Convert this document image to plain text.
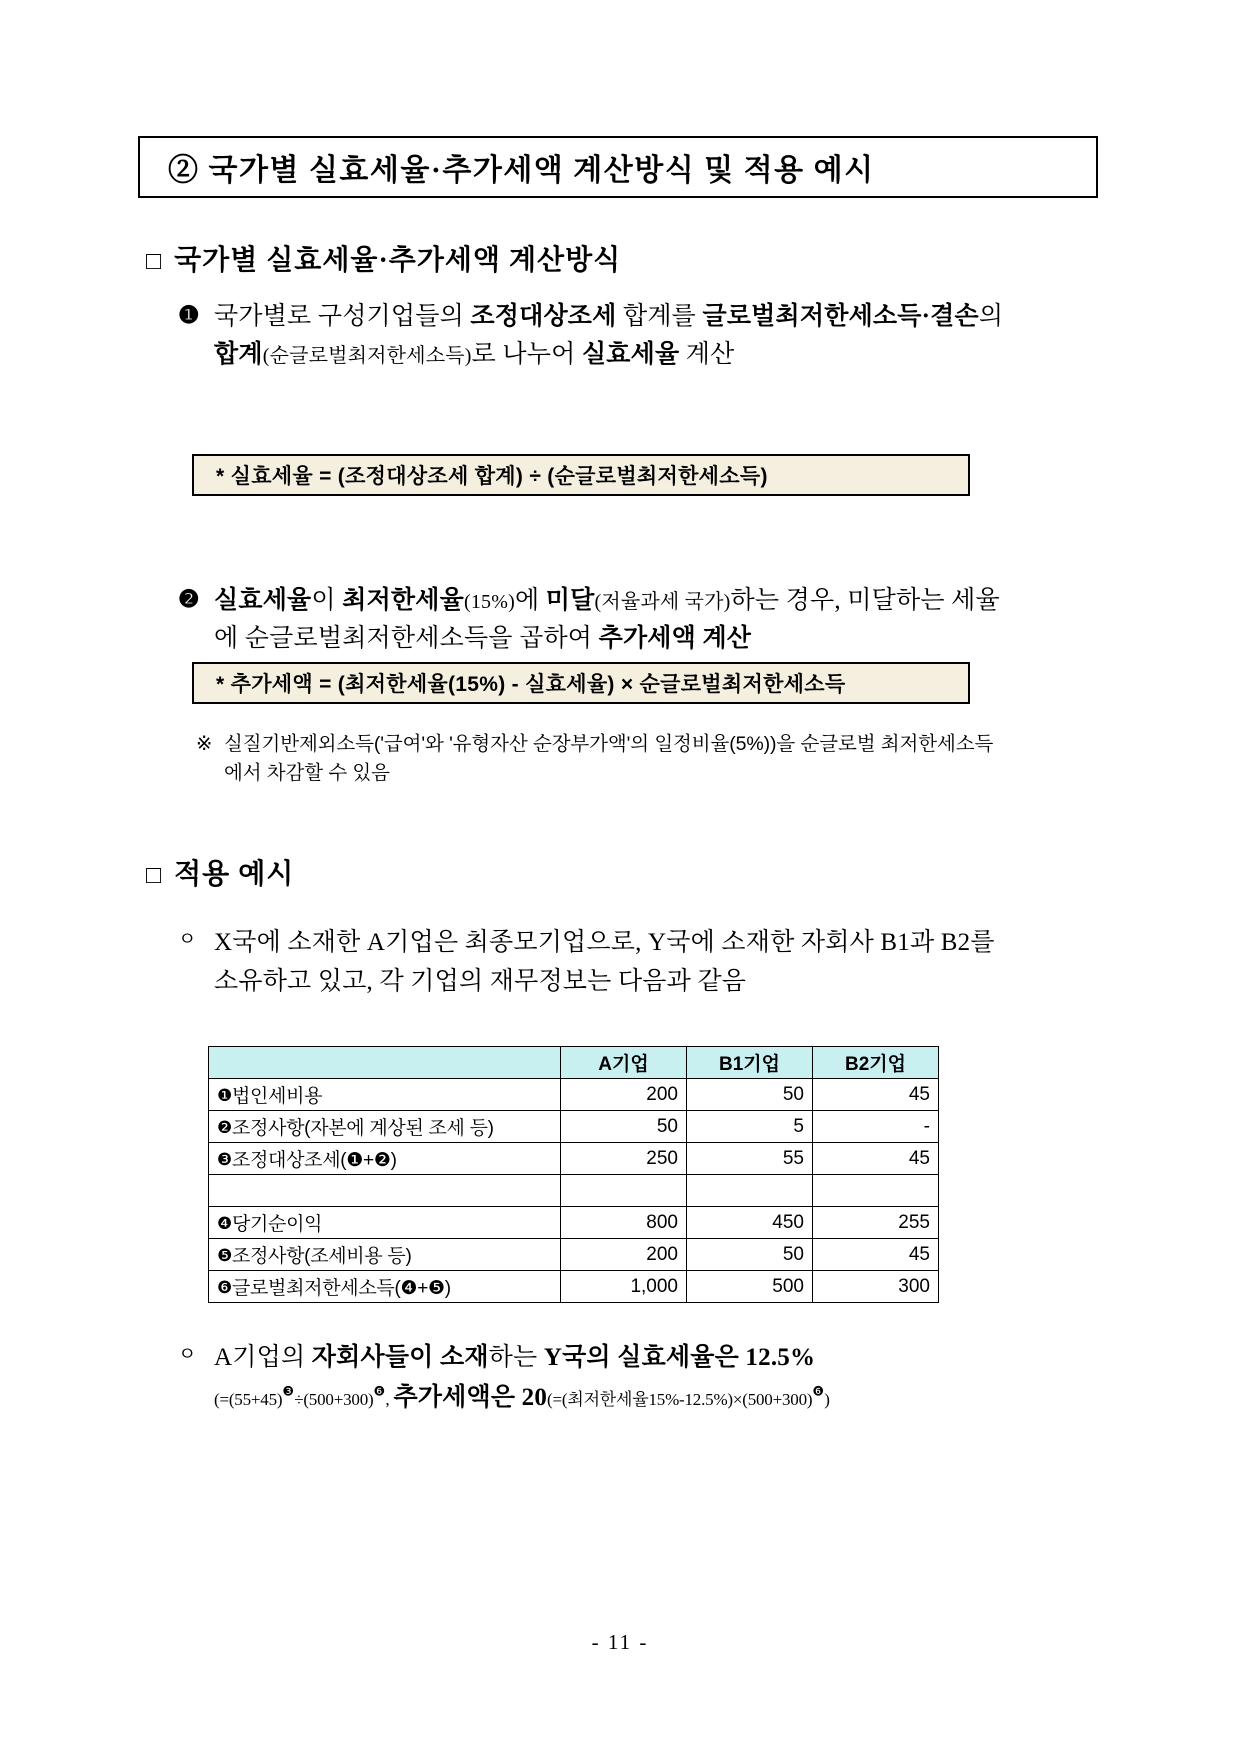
② 국가별 실효세율·추가세액 계산방식 및 적용 예시
□ 국가별 실효세율·추가세액 계산방식
❶ 국가별로 구성기업들의 조정대상조세 합계를 글로벌최저한세소득·결손의 합계(순글로벌최저한세소득)로 나누어 실효세율 계산
* 실효세율 = (조정대상조세 합계) ÷ (순글로벌최저한세소득)
❷ 실효세율이 최저한세율(15%)에 미달(저율과세 국가)하는 경우, 미달하는 세율에 순글로벌최저한세소득을 곱하여 추가세액 계산
* 추가세액 = (최저한세율(15%) - 실효세율) × 순글로벌최저한세소득
※ 실질기반제외소득('급여'와 '유형자산 순장부가액'의 일정비율(5%))을 순글로벌 최저한세소득에서 차감할 수 있음
□ 적용 예시
ㅇ X국에 소재한 A기업은 최종모기업으로, Y국에 소재한 자회사 B1과 B2를 소유하고 있고, 각 기업의 재무정보는 다음과 같음
	A기업	B1기업	B2기업
❶법인세비용	200	50	45
❷조정사항(자본에 계상된 조세 등)	50	5	-
❸조정대상조세(❶+❷)	250	55	45

❹당기순이익	800	450	255
❺조정사항(조세비용 등)	200	50	45
❻글로벌최저한세소득(❹+❺)	1,000	500	300
ㅇ A기업의 자회사들이 소재하는 Y국의 실효세율은 12.5%
($=(55+45)^❸\div(500+300)^❻$, 추가세액은 20(=(최저한세율$15\%-12.5\%)\times(500+300)^❻$)
- 11 -
